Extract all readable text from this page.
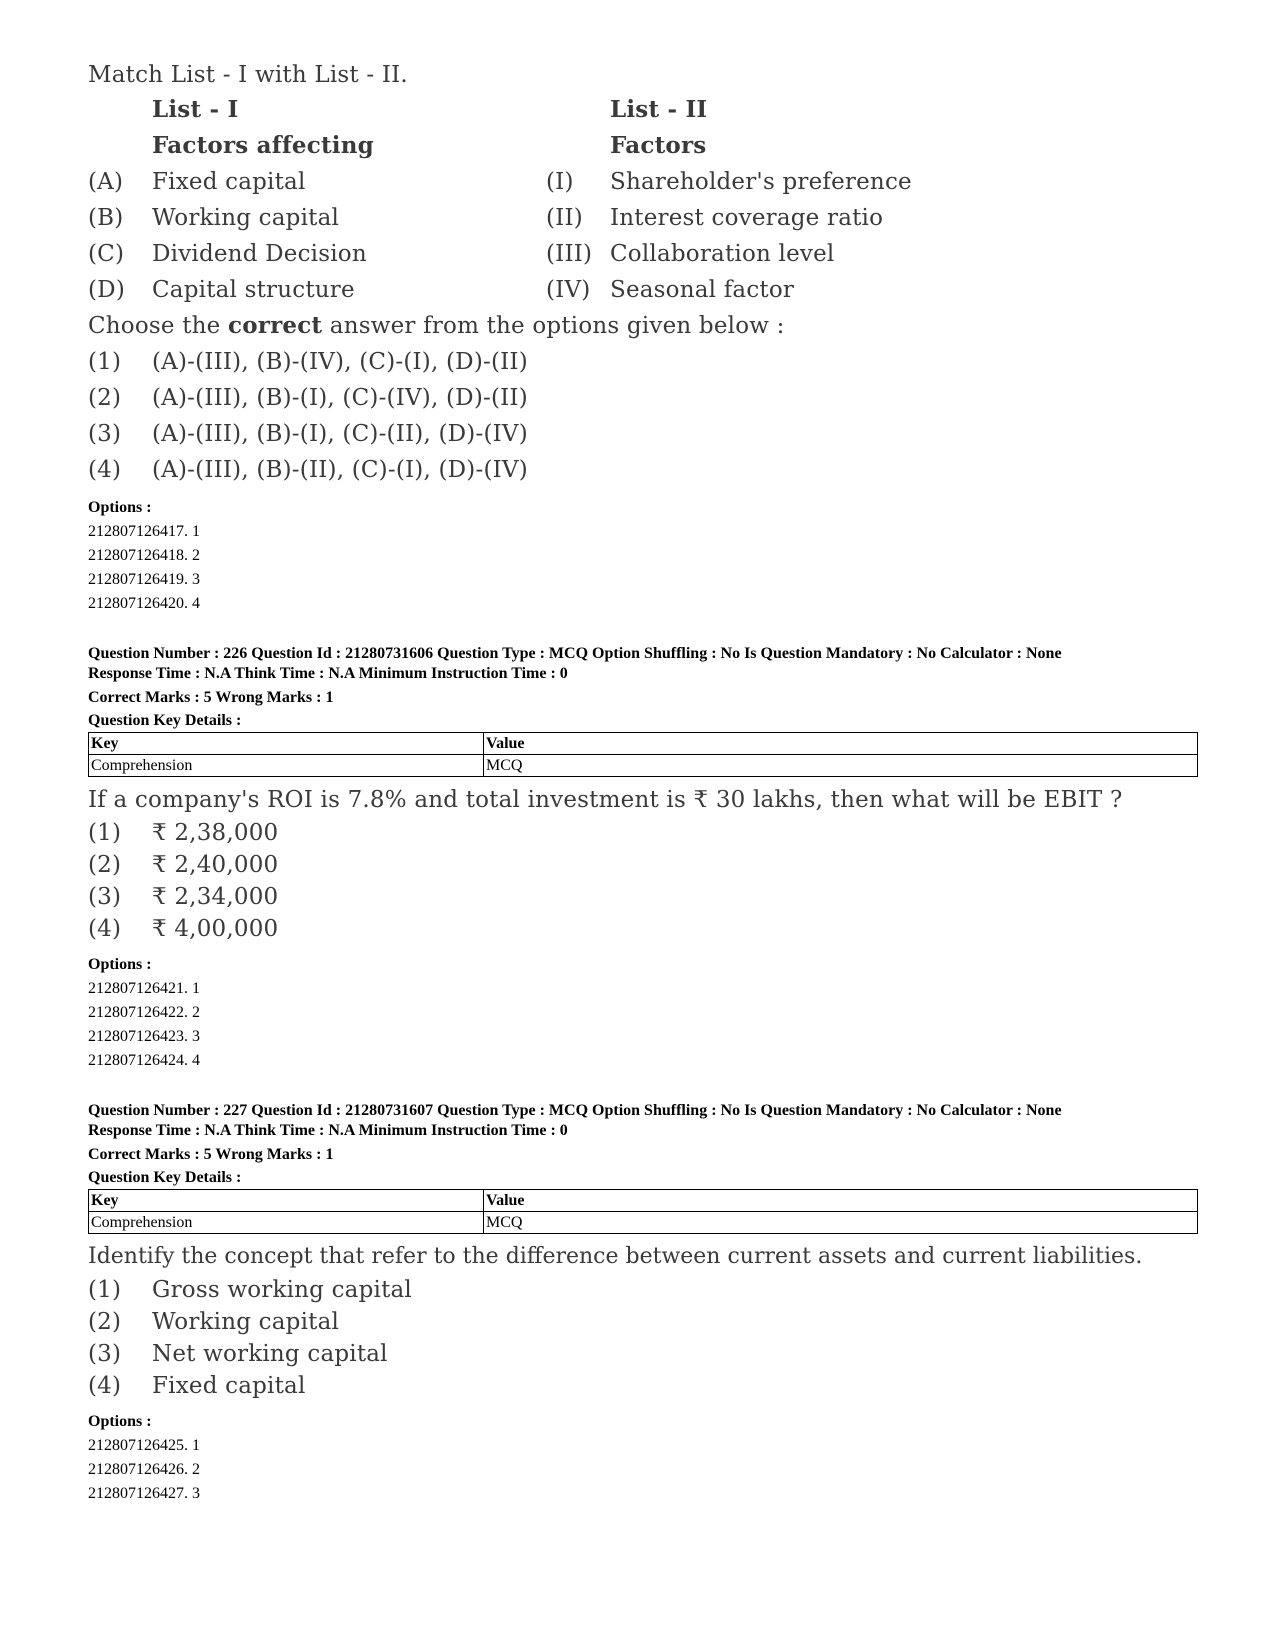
Match List - I with List - II.
List - I	List - II
Factors affecting	Factors
(A)	Fixed capital	(I)	Shareholder's preference
(B)	Working capital	(II)	Interest coverage ratio
(C)	Dividend Decision	(III) Collaboration level
(D)	Capital structure	(IV) Seasonal factor
Choose the correct answer from the options given below :
(1)	(A)-(III), (B)-(IV), (C)-(I), (D)-(II)
(2)	(A)-(III), (B)-(I), (C)-(IV), (D)-(II)
(3)	(A)-(III), (B)-(I), (C)-(II), (D)-(IV)
(4)	(A)-(III), (B)-(II), (C)-(I), (D)-(IV)
Options :
212807126417. 1
212807126418. 2
212807126419. 3
212807126420. 4
Question Number : 226 Question Id : 21280731606 Question Type : MCQ Option Shuffling : No Is Question Mandatory : No Calculator : None
Response Time : N.A Think Time : N.A Minimum Instruction Time : 0
Correct Marks : 5 Wrong Marks : 1
Question Key Details :
Key	Value
Comprehension	MCQ
If a company's ROI is 7.8% and total investment is ₹ 30 lakhs, then what will be EBIT ?
(1)	₹ 2,38,000
(2)	₹ 2,40,000
(3)	₹ 2,34,000
(4)	₹ 4,00,000
Options :
212807126421. 1
212807126422. 2
212807126423. 3
212807126424. 4
Question Number : 227 Question Id : 21280731607 Question Type : MCQ Option Shuffling : No Is Question Mandatory : No Calculator : None
Response Time : N.A Think Time : N.A Minimum Instruction Time : 0
Correct Marks : 5 Wrong Marks : 1
Question Key Details :
Key	Value
Comprehension	MCQ
Identify the concept that refer to the difference between current assets and current liabilities.
(1)	Gross working capital
(2)	Working capital
(3)	Net working capital
(4)	Fixed capital
Options :
212807126425. 1
212807126426. 2
212807126427. 3
